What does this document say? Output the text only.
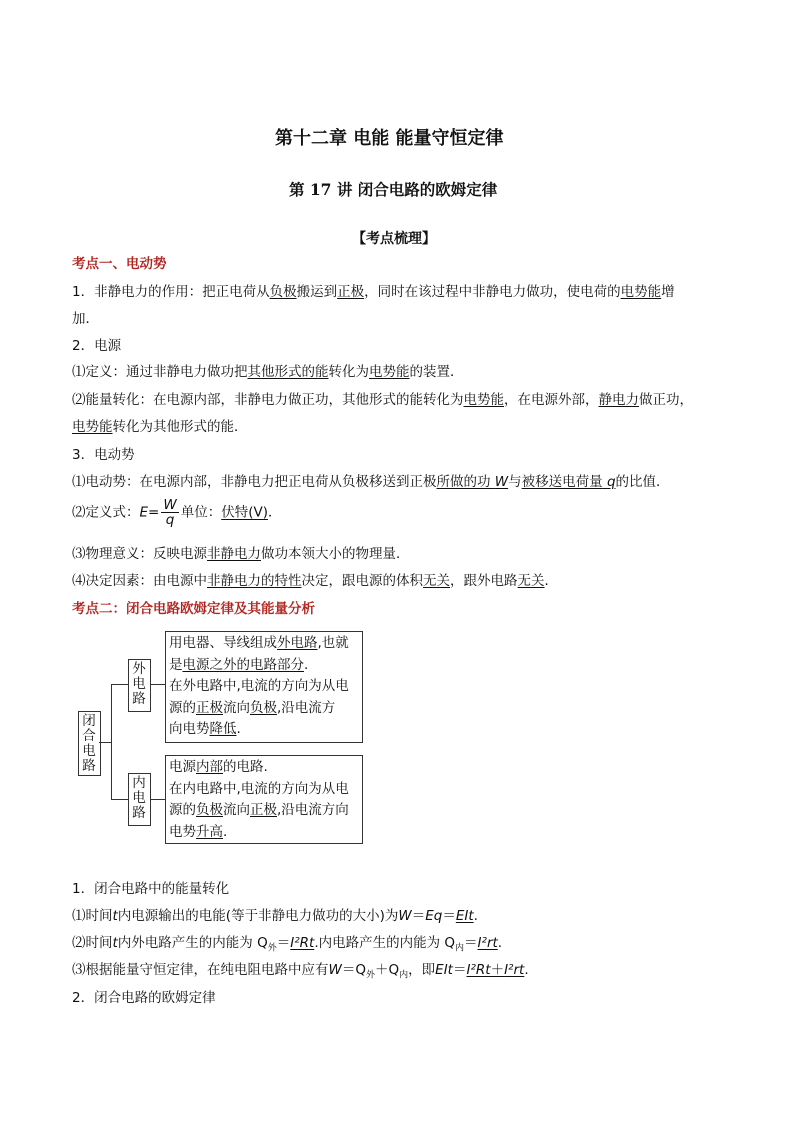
第十二章 电能 能量守恒定律
第 17 讲 闭合电路的欧姆定律
【考点梳理】
考点一、电动势
1．非静电力的作用：把正电荷从负极搬运到正极，同时在该过程中非静电力做功，使电荷的电势能增
加．
2．电源
⑴定义：通过非静电力做功把其他形式的能转化为电势能的装置．
⑵能量转化：在电源内部，非静电力做正功，其他形式的能转化为电势能，在电源外部，静电力做正功，
电势能转化为其他形式的能．
3．电动势
⑴电动势：在电源内部，非静电力把正电荷从负极移送到正极所做的功 W与被移送电荷量 q的比值．
⑵定义式：$E= \frac{W}{q}$ 单位：伏特(V)．
⑶物理意义：反映电源非静电力做功本领大小的物理量．
⑷决定因素：由电源中非静电力的特性决定，跟电源的体积无关，跟外电路无关．
考点二：闭合电路欧姆定律及其能量分析
闭
合
电
路
外
电
路
内
电
路
用电器、导线组成外电路,也就
是电源之外的电路部分.
在外电路中,电流的方向为从电
源的正极流向负极,沿电流方
向电势降低.
电源内部的电路.
在内电路中,电流的方向为从电
源的负极流向正极,沿电流方向
电势升高.
1．闭合电路中的能量转化
⑴时间t内电源输出的电能(等于非静电力做功的大小)为W＝Eq＝EIt.
⑵时间t内外电路产生的内能为 $Q_外=I^2Rt$.内电路产生的内能为 $Q_内=I^2rt$.
⑶根据能量守恒定律，在纯电阻电路中应有$W=Q_外+Q_内$，即EIt＝I²Rt＋I²rt.
2．闭合电路的欧姆定律
